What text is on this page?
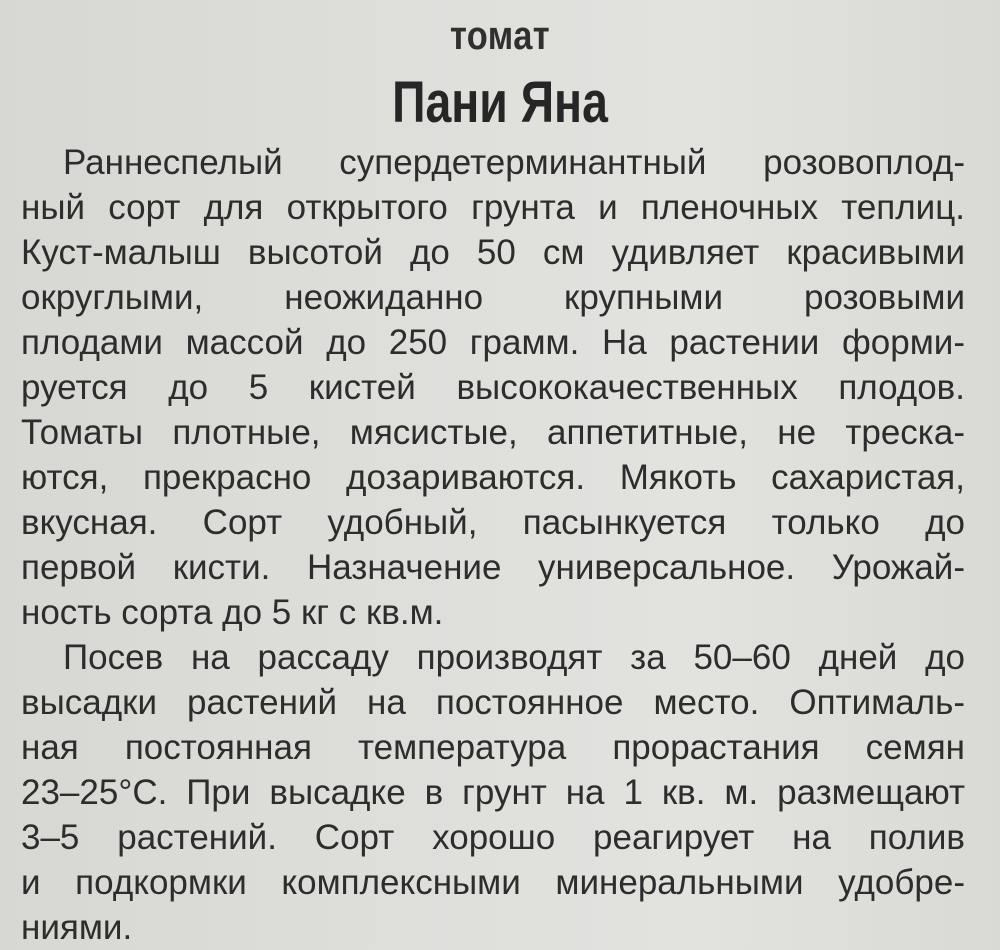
томат
Пани Яна
Раннеспелый супердетерминантный розовоплод-
ный сорт для открытого грунта и пленочных теплиц.
Куст-малыш высотой до 50 см удивляет красивыми
округлыми, неожиданно крупными розовыми
плодами массой до 250 грамм. На растении форми-
руется до 5 кистей высококачественных плодов.
Томаты плотные, мясистые, аппетитные, не трeска-
ются, прекрасно дозариваются. Мякоть сахаристая,
вкусная. Сорт удобный, пасынкуется только до
первой кисти. Назначение универсальное. Урожай-
ность сорта до 5 кг с кв.м.
Посев на рассаду производят за 50–60 дней до
высадки растений на постоянное место. Оптималь-
ная постоянная температура прорастания семян
23–25°С. При высадке в грунт на 1 кв. м. размещают
3–5 растений. Сорт хорошо реагирует на полив
и подкормки комплексными минеральными удобре-
ниями.
